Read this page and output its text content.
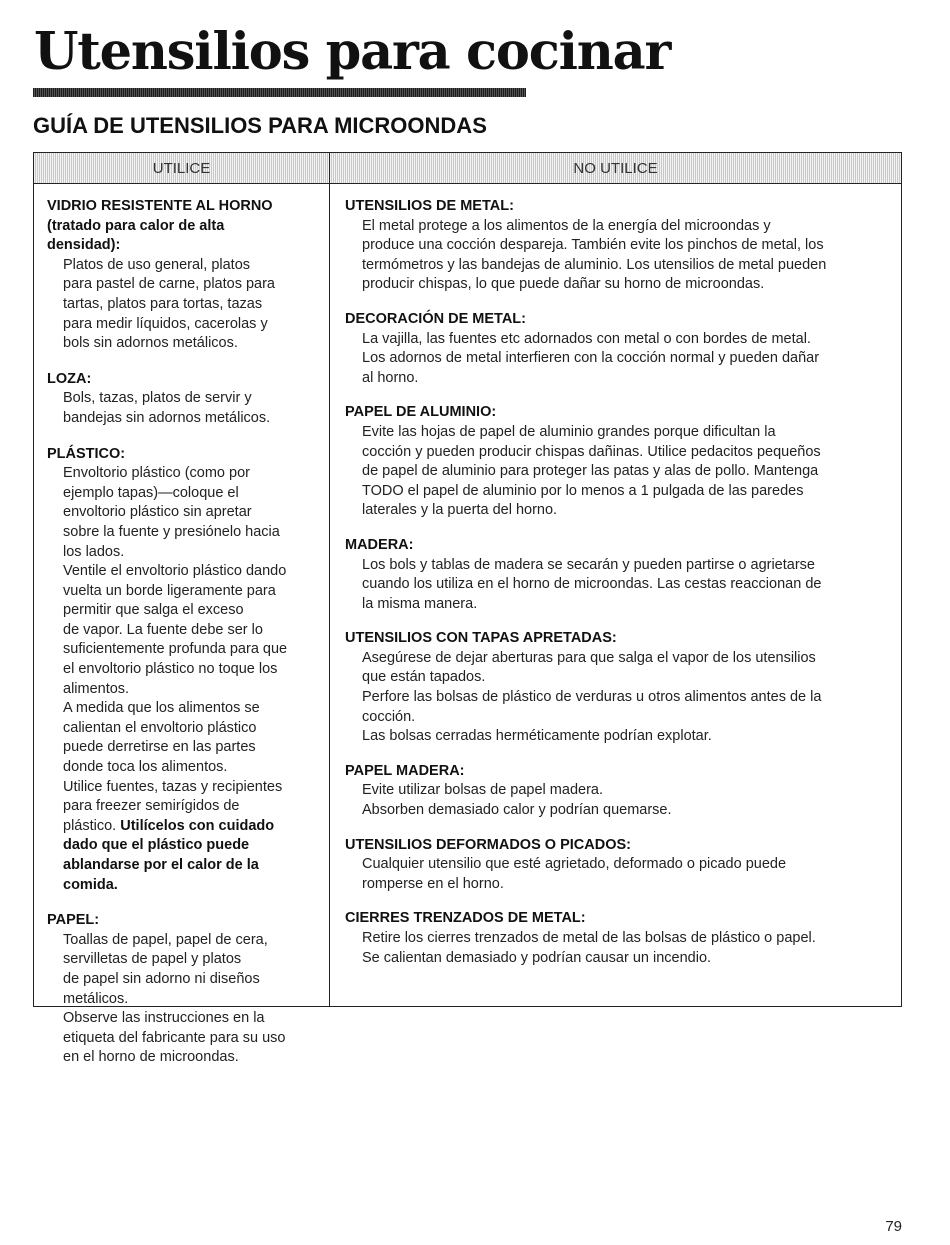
Utensilios para cocinar
GUÍA DE UTENSILIOS PARA MICROONDAS
UTILICE	NO UTILICE
VIDRIO RESISTENTE AL HORNO
(tratado para calor de alta
densidad):
Platos de uso general, platos
para pastel de carne, platos para
tartas, platos para tortas, tazas
para medir líquidos, cacerolas y
bols sin adornos metálicos.
LOZA:
Bols, tazas, platos de servir y
bandejas sin adornos metálicos.
PLÁSTICO:
Envoltorio plástico (como por
ejemplo tapas)—coloque el
envoltorio plástico sin apretar
sobre la fuente y presiónelo hacia
los lados.
Ventile el envoltorio plástico dando
vuelta un borde ligeramente para
permitir que salga el exceso
de vapor. La fuente debe ser lo
suficientemente profunda para que
el envoltorio plástico no toque los
alimentos.
A medida que los alimentos se
calientan el envoltorio plástico
puede derretirse en las partes
donde toca los alimentos.
Utilice fuentes, tazas y recipientes
para freezer semirígidos de
plástico. Utilícelos con cuidado
dado que el plástico puede
ablandarse por el calor de la
comida.
PAPEL:
Toallas de papel, papel de cera,
servilletas de papel y platos
de papel sin adorno ni diseños
metálicos.
Observe las instrucciones en la
etiqueta del fabricante para su uso
en el horno de microondas.
UTENSILIOS DE METAL:
El metal protege a los alimentos de la energía del microondas y
produce una cocción despareja. También evite los pinchos de metal, los
termómetros y las bandejas de aluminio. Los utensilios de metal pueden
producir chispas, lo que puede dañar su horno de microondas.
DECORACIÓN DE METAL:
La vajilla, las fuentes etc adornados con metal o con bordes de metal.
Los adornos de metal interfieren con la cocción normal y pueden dañar
al horno.
PAPEL DE ALUMINIO:
Evite las hojas de papel de aluminio grandes porque dificultan la
cocción y pueden producir chispas dañinas. Utilice pedacitos pequeños
de papel de aluminio para proteger las patas y alas de pollo. Mantenga
TODO el papel de aluminio por lo menos a 1 pulgada de las paredes
laterales y la puerta del horno.
MADERA:
Los bols y tablas de madera se secarán y pueden partirse o agrietarse
cuando los utiliza en el horno de microondas. Las cestas reaccionan de
la misma manera.
UTENSILIOS CON TAPAS APRETADAS:
Asegúrese de dejar aberturas para que salga el vapor de los utensilios
que están tapados.
Perfore las bolsas de plástico de verduras u otros alimentos antes de la
cocción.
Las bolsas cerradas herméticamente podrían explotar.
PAPEL MADERA:
Evite utilizar bolsas de papel madera.
Absorben demasiado calor y podrían quemarse.
UTENSILIOS DEFORMADOS O PICADOS:
Cualquier utensilio que esté agrietado, deformado o picado puede
romperse en el horno.
CIERRES TRENZADOS DE METAL:
Retire los cierres trenzados de metal de las bolsas de plástico o papel.
Se calientan demasiado y podrían causar un incendio.
79
